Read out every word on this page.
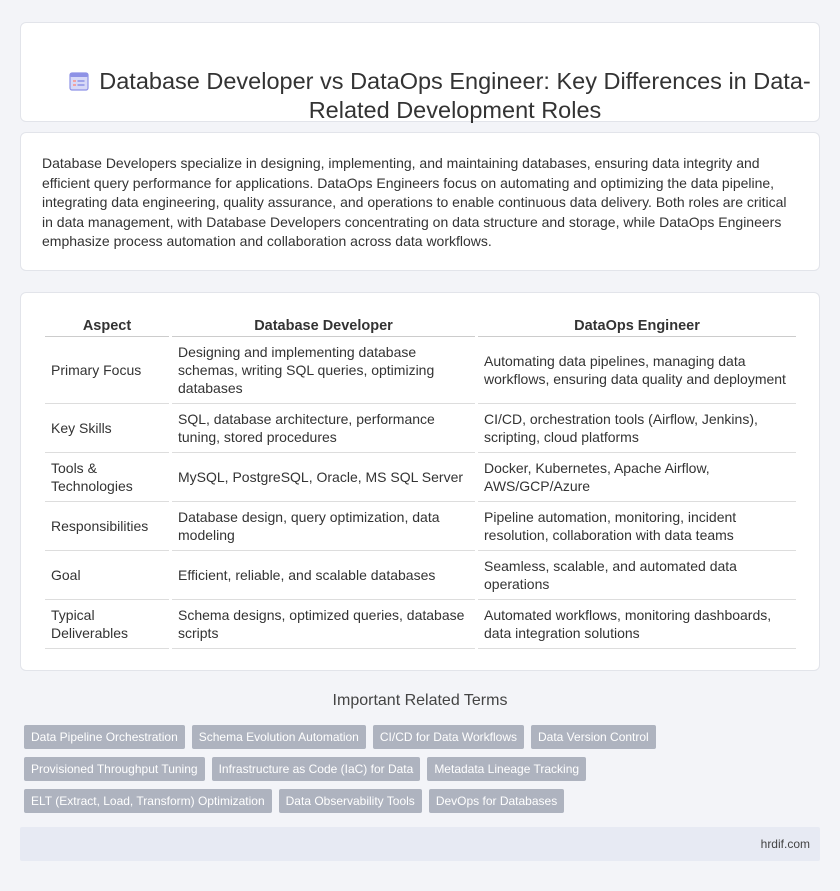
Database Developer vs DataOps Engineer: Key Differences in Data-Related Development Roles

Database Developers specialize in designing, implementing, and maintaining databases, ensuring data integrity and efficient query performance for applications. DataOps Engineers focus on automating and optimizing the data pipeline, integrating data engineering, quality assurance, and operations to enable continuous data delivery. Both roles are critical in data management, with Database Developers concentrating on data structure and storage, while DataOps Engineers emphasize process automation and collaboration across data workflows.

Aspect	Database Developer	DataOps Engineer
Primary Focus	Designing and implementing database schemas, writing SQL queries, optimizing databases	Automating data pipelines, managing data workflows, ensuring data quality and deployment
Key Skills	SQL, database architecture, performance tuning, stored procedures	CI/CD, orchestration tools (Airflow, Jenkins), scripting, cloud platforms
Tools & Technologies	MySQL, PostgreSQL, Oracle, MS SQL Server	Docker, Kubernetes, Apache Airflow, AWS/GCP/Azure
Responsibilities	Database design, query optimization, data modeling	Pipeline automation, monitoring, incident resolution, collaboration with data teams
Goal	Efficient, reliable, and scalable databases	Seamless, scalable, and automated data operations
Typical Deliverables	Schema designs, optimized queries, database scripts	Automated workflows, monitoring dashboards, data integration solutions
Important Related Terms
Data Pipeline Orchestration	Schema Evolution Automation	CI/CD for Data Workflows	Data Version Control
Provisioned Throughput Tuning	Infrastructure as Code (IaC) for Data	Metadata Lineage Tracking
ELT (Extract, Load, Transform) Optimization	Data Observability Tools	DevOps for Databases
hrdif.com
